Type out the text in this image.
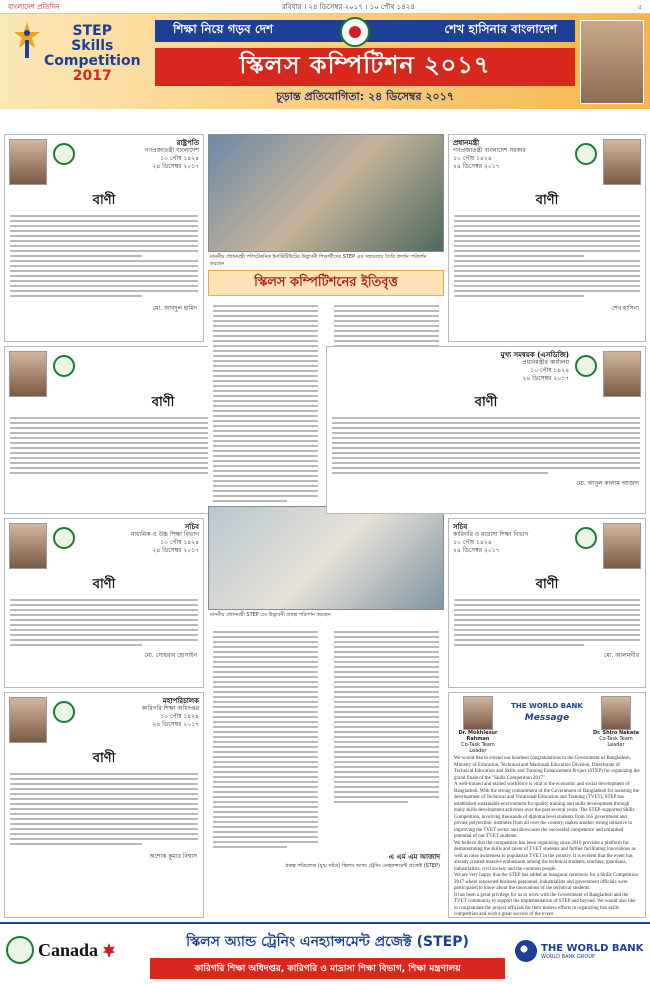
বাংলাদেশ প্রতিদিন	রবিবার । ২৪ ডিসেম্বর ২০১৭ । ১০ পৌষ ১৪২৪	৫
STEP
Skills
Competition
2017
শিক্ষা নিয়ে গড়ব দেশ	শেখ হাসিনার বাংলাদেশ
স্কিলস কম্পিটিশন ২০১৭
চূড়ান্ত প্রতিযোগিতা: ২৪ ডিসেম্বর ২০১৭
রাষ্ট্রপতি
গণপ্রজাতন্ত্রী বাংলাদেশ
১০ পৌষ ১৪২৪
২৪ ডিসেম্বর ২০১৭
বাণী
মো. আবদুল হামিদ
বাণী
সচিব
মাধ্যমিক ও উচ্চ শিক্ষা বিভাগ
১০ পৌষ ১৪২৪
২৪ ডিসেম্বর ২০১৭
বাণী
মো. সোহরাব হোসাইন
মহাপরিচালক
কারিগরি শিক্ষা অধিদপ্তর
১০ পৌষ ১৪২৪
২৪ ডিসেম্বর ২০১৭
বাণী
অশোক কুমার বিশ্বাস
মাননীয় প্রধানমন্ত্রী পলিটেকনিক ইনস্টিটিউটের উদ্ভাবনী শিক্ষার্থীদের STEP এর সহায়তায় তৈরি প্রদর্শন পরিদর্শন করছেন
স্কিলস কম্পিটিশনের ইতিবৃত্ত
মাননীয় প্রধানমন্ত্রী STEP এর উদ্ভাবনী প্রকল্প পরিদর্শন করছেন
এ এম এম আজাদ
প্রকল্প পরিচালক (যুগ্ম সচিব) স্কিলস অ্যান্ড ট্রেনিং এনহ্যান্সমেন্ট প্রজেক্ট (STEP)
প্রধানমন্ত্রী
গণপ্রজাতন্ত্রী বাংলাদেশ সরকার
১০ পৌষ ১৪২৪
২৪ ডিসেম্বর ২০১৭
বাণী
শেখ হাসিনা
মুখ্য সমন্বয়ক (এসডিজি)
প্রধানমন্ত্রীর কার্যালয়
১০ পৌষ ১৪২৪
২৪ ডিসেম্বর ২০১৭
বাণী
মো. আবুল কালাম আজাদ
সচিব
কারিগরি ও মাদ্রাসা শিক্ষা বিভাগ
১০ পৌষ ১৪২৪
২৪ ডিসেম্বর ২০১৭
বাণী
মো. আলমগীর
Dr. Mokhlesur Rahman
Co-Task Team Leader
THE WORLD BANK
Message
Dr. Shiro Nakata
Co-Task Team Leader
We would like to extend our heartiest congratulations to the Government of Bangladesh, Ministry of Education, Technical and Madrasah Education Division, Directorate of Technical Education and Skills and Training Enhancement Project (STEP) for organizing the grand finale of the "Skills Competition 2017".
A well-trained and skilled workforce is vital to the economic and social development of Bangladesh. With the strong commitment of the Government of Bangladesh for assisting the development of Technical and Vocational Education and Training (TVET), STEP has established sustainable environment for quality training and skills development through many skills development activities over the past several years. The STEP-supported Skills Competition, involving thousands of diploma level students from 165 government and private polytechnic institutes from all over the country, makes another strong initiative to improving the TVET sector and showcases the successful competence and unlimited potential of our TVET students.
We believe that the competition has been organizing since 2016 provides a platform for demonstrating the skills and talent of TVET students and further facilitating innovations as well as raise awareness to popularize TVET in the country. It is evident that the event has already created massive enthusiasm among the technical students, teachers, guardians, industrialists, civil society and the common people.
We are very happy that the STEP has added an inaugural ceremony for a Skills Competition 2017 where renowned business personnel, industrialists and government officials were participated to know about the innovations of the technical students.
It has been a great privilege for us to work with the Government of Bangladesh and the TVET community to support the implementation of STEP and beyond. We would also like to congratulate the project officials for their tireless efforts in organizing this skills competition and wish a great success of the event.

Canada	স্কিলস অ্যান্ড ট্রেনিং এনহ্যান্সমেন্ট প্রজেক্ট (STEP)
কারিগরি শিক্ষা অধিদপ্তর, কারিগরি ও মাদ্রাসা শিক্ষা বিভাগ, শিক্ষা মন্ত্রণালয়
THE WORLD BANK
WORLD BANK GROUP
